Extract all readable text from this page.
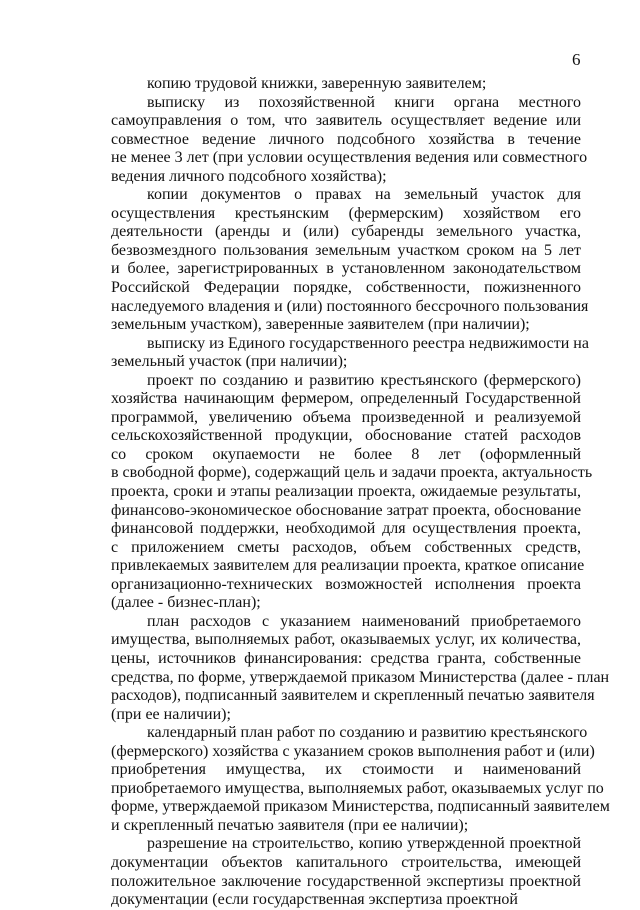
6
копию трудовой книжки, заверенную заявителем;
выписку из похозяйственной книги органа местного
самоуправления о том, что заявитель осуществляет ведение или
совместное ведение личного подсобного хозяйства в течение
не менее 3 лет (при условии осуществления ведения или совместного
ведения личного подсобного хозяйства);
копии документов о правах на земельный участок для
осуществления крестьянским (фермерским) хозяйством его
деятельности (аренды и (или) субаренды земельного участка,
безвозмездного пользования земельным участком сроком на 5 лет
и более, зарегистрированных в установленном законодательством
Российской Федерации порядке, собственности, пожизненного
наследуемого владения и (или) постоянного бессрочного пользования
земельным участком), заверенные заявителем (при наличии);
выписку из Единого государственного реестра недвижимости на
земельный участок (при наличии);
проект по созданию и развитию крестьянского (фермерского)
хозяйства начинающим фермером, определенный Государственной
программой, увеличению объема произведенной и реализуемой
сельскохозяйственной продукции, обоснование статей расходов
со сроком окупаемости не более 8 лет (оформленный
в свободной форме), содержащий цель и задачи проекта, актуальность
проекта, сроки и этапы реализации проекта, ожидаемые результаты,
финансово-экономическое обоснование затрат проекта, обоснование
финансовой поддержки, необходимой для осуществления проекта,
с приложением сметы расходов, объем собственных средств,
привлекаемых заявителем для реализации проекта, краткое описание
организационно-технических возможностей исполнения проекта
(далее - бизнес-план);
план расходов с указанием наименований приобретаемого
имущества, выполняемых работ, оказываемых услуг, их количества,
цены, источников финансирования: средства гранта, собственные
средства, по форме, утверждаемой приказом Министерства (далее - план
расходов), подписанный заявителем и скрепленный печатью заявителя
(при ее наличии);
календарный план работ по созданию и развитию крестьянского
(фермерского) хозяйства с указанием сроков выполнения работ и (или)
приобретения имущества, их стоимости и наименований
приобретаемого имущества, выполняемых работ, оказываемых услуг по
форме, утверждаемой приказом Министерства, подписанный заявителем
и скрепленный печатью заявителя (при ее наличии);
разрешение на строительство, копию утвержденной проектной
документации объектов капитального строительства, имеющей
положительное заключение государственной экспертизы проектной
документации (если государственная экспертиза проектной
